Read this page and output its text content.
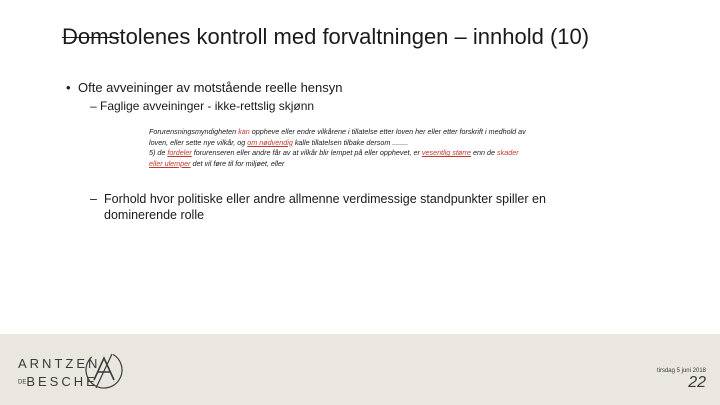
Domstolenes kontroll med forvaltningen – innhold (10)
• Ofte avveininger av motstående reelle hensyn
– Faglige avveininger - ikke-rettslig skjønn
Forurensningsmyndigheten kan oppheve eller endre vilkårene i tillatelse etter loven her eller etter forskrift i medhold av
loven, eller sette nye vilkår, og om nødvendig kalle tillatelsen tilbake dersom ........
5) de fordeler forurenseren eller andre får av at vilkår blir lempet på eller opphevet, er vesentlig større enn de skader
eller ulemper det vil føre til for miljøet, eller
– Forhold hvor politiske eller andre allmenne verdimessige standpunkter spiller en
dominerende rolle
ARNTZEN
DEBESCHE
tirsdag 5 juni 2018
22
